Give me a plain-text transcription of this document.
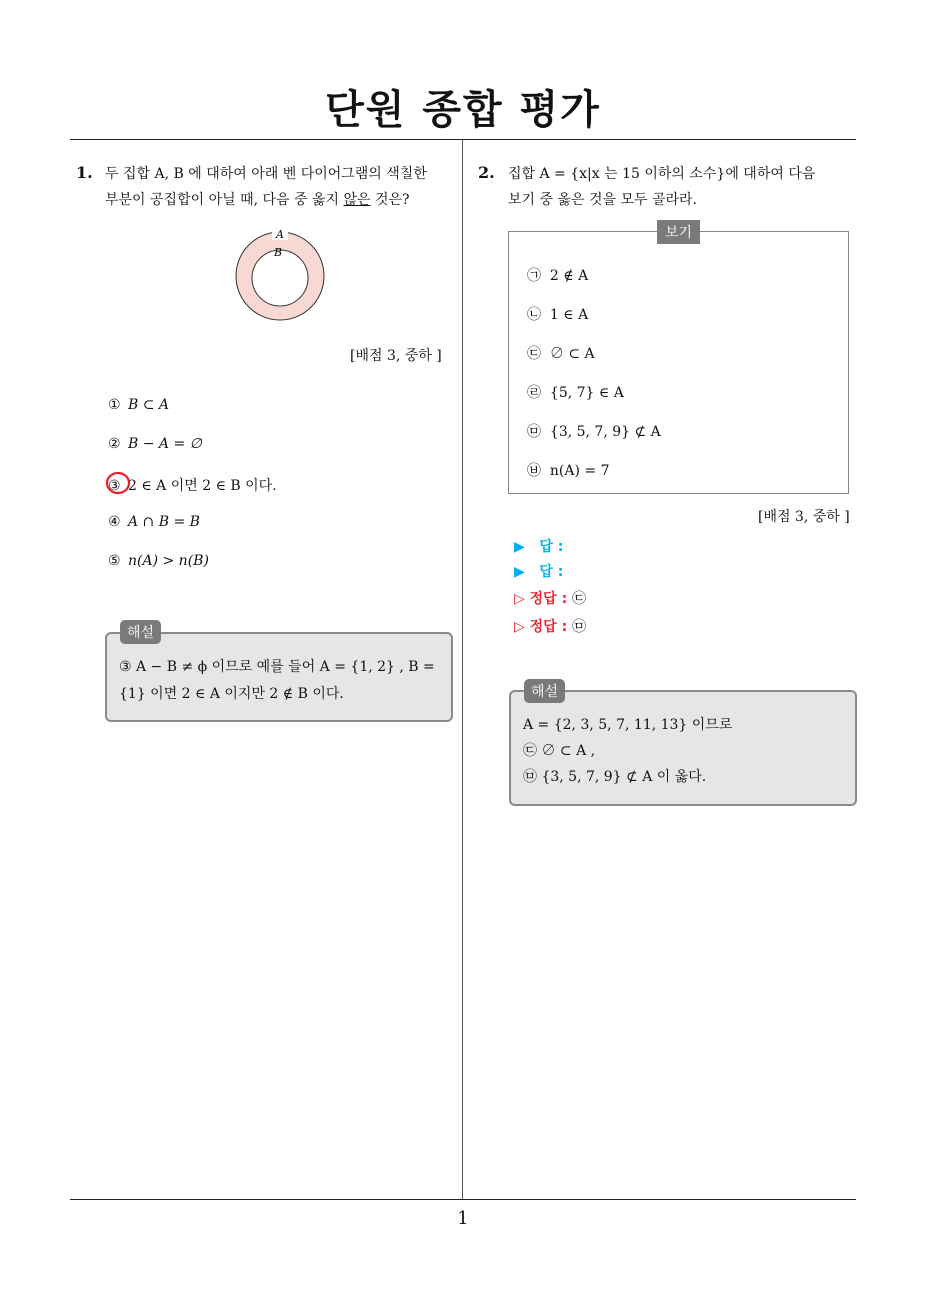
단원 종합 평가
1. 두 집합 A, B 에 대하여 아래 벤 다이어그램의 색칠한
부분이 공집합이 아닐 때, 다음 중 옳지 않은 것은?
A
B
[배점 3, 중하 ]
① B ⊂ A
② B − A = ∅
③ 2 ∈ A 이면 2 ∈ B 이다.
④ A ∩ B = B
⑤ n(A) > n(B)
③ A − B ≠ ϕ 이므로 예를 들어 A = {1, 2} , B =
{1} 이면 2 ∈ A 이지만 2 ∉ B 이다.
해설
2. 집합 A = {x|x 는 15 이하의 소수}에 대하여 다음
보기 중 옳은 것을 모두 골라라.
㉠ 2 ∉ A
㉡ 1 ∈ A
㉢ ∅ ⊂ A
㉣ {5, 7} ∈ A
㉤ {3, 5, 7, 9} ⊄ A
㉥ n(A) = 7
보기
[배점 3, 중하 ]
▶ 답 :
▶ 답 :
▷ 정답 : ㉢
▷ 정답 : ㉤
A = {2, 3, 5, 7, 11, 13} 이므로
㉢ ∅ ⊂ A ,
㉤ {3, 5, 7, 9} ⊄ A 이 옳다.
해설
1
